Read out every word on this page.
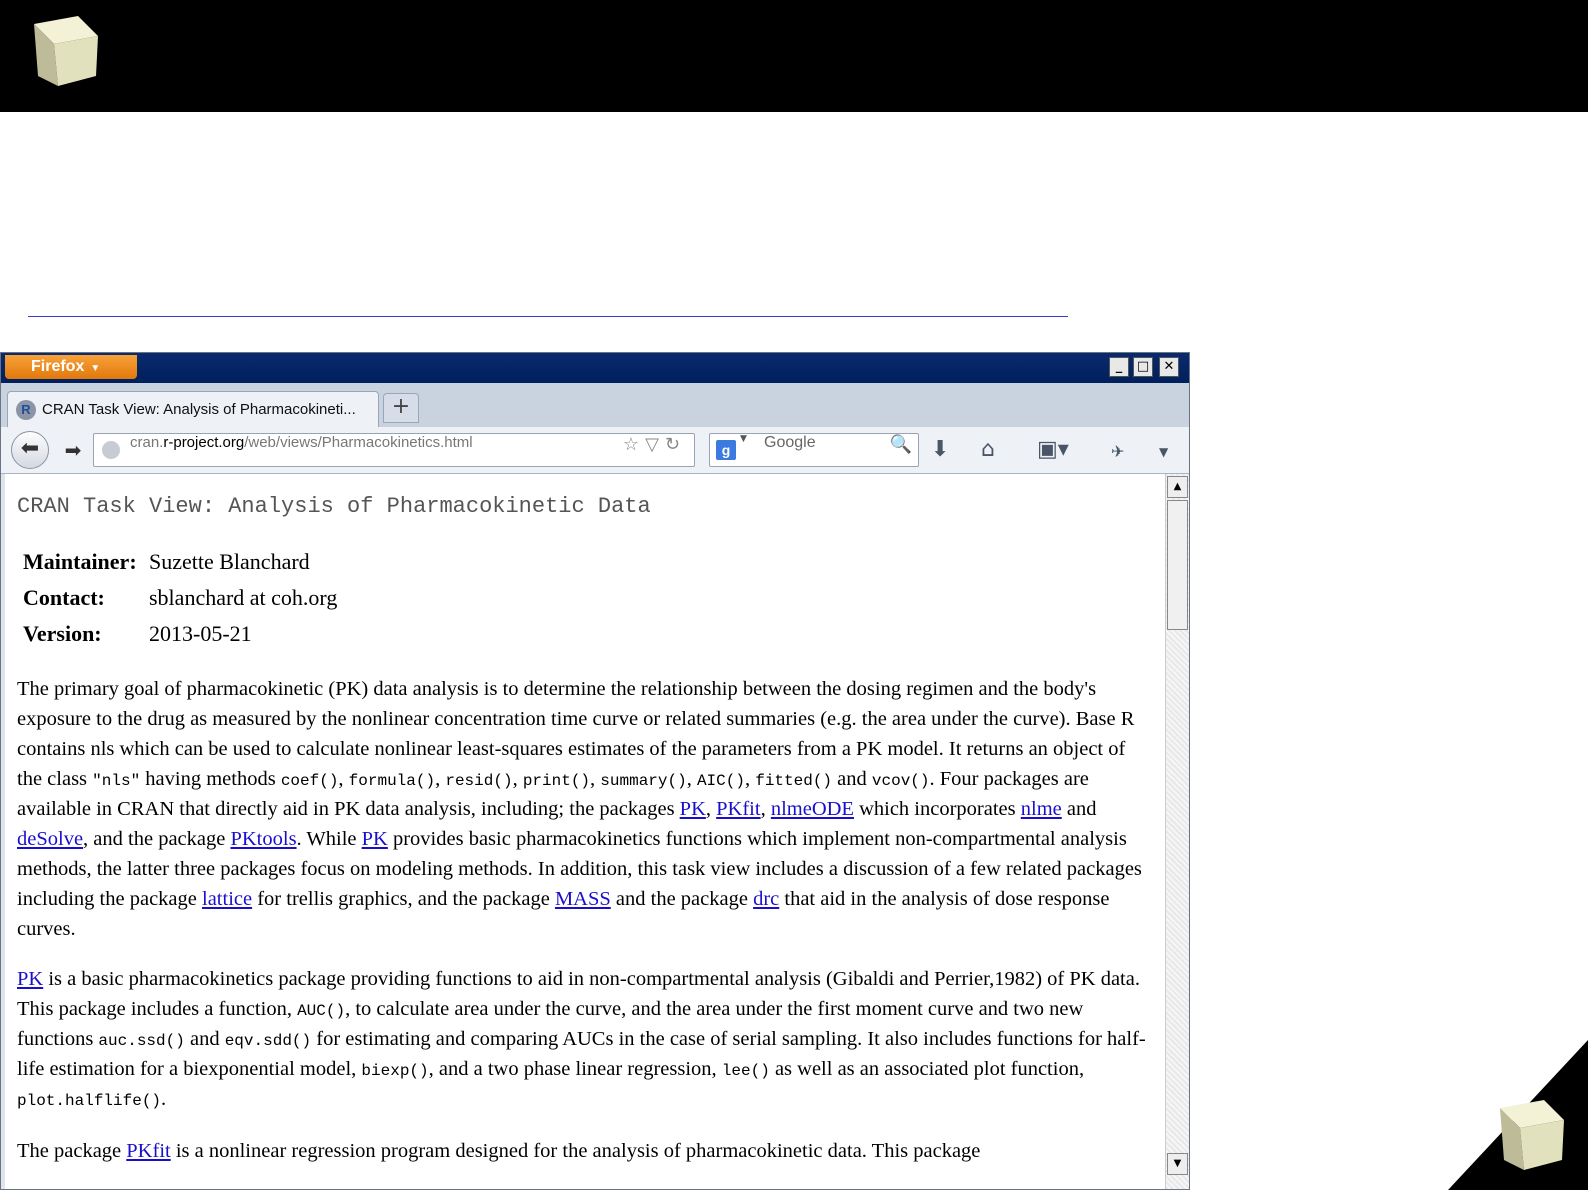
Firefox ▼	_	□	✕
R CRAN Task View: Analysis of Pharmacokineti...	+
⬅	➡	cran.r-project.org/web/views/Pharmacokinetics.html	☆▽↻	g
▼ Google	🔍 ⬇ ⌂ ▣▾	✈	▼
CRAN Task View: Analysis of Pharmacokinetic Data
Maintainer: Suzette Blanchard
Contact: sblanchard at coh.org
Version: 2013-05-21
The primary goal of pharmacokinetic (PK) data analysis is to determine the relationship between the dosing regimen and the body's exposure to the drug as measured by the nonlinear concentration time curve or related summaries (e.g. the area under the curve). Base R contains nls which can be used to calculate nonlinear least-squares estimates of the parameters from a PK model. It returns an object of the class "nls" having methods coef(), formula(), resid(), print(), summary(), AIC(), fitted() and vcov(). Four packages are available in CRAN that directly aid in PK data analysis, including; the packages PK, PKfit, nlmeODE which incorporates nlme and deSolve, and the package PKtools. While PK provides basic pharmacokinetics functions which implement non-compartmental analysis methods, the latter three packages focus on modeling methods. In addition, this task view includes a discussion of a few related packages including the package lattice for trellis graphics, and the package MASS and the package drc that aid in the analysis of dose response curves.
PK is a basic pharmacokinetics package providing functions to aid in non-compartmental analysis (Gibaldi and Perrier,1982) of PK data. This package includes a function, AUC(), to calculate area under the curve, and the area under the first moment curve and two new functions auc.ssd() and eqv.sdd() for estimating and comparing AUCs in the case of serial sampling. It also includes functions for half-life estimation for a biexponential model, biexp(), and a two phase linear regression, lee() as well as an associated plot function, plot.halflife().
The package PKfit is a nonlinear regression program designed for the analysis of pharmacokinetic data. This package
▲
▼
